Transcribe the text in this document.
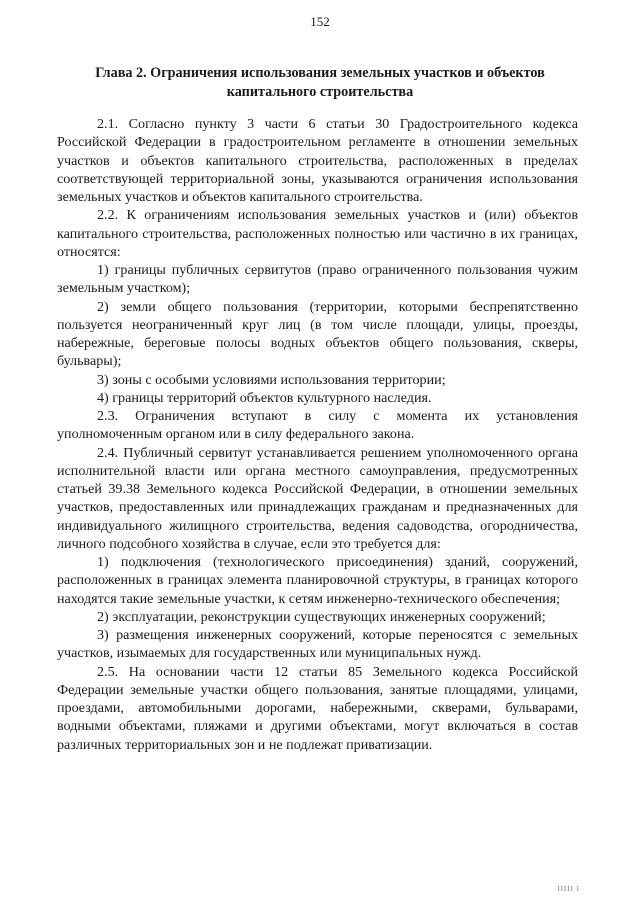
152
Глава 2. Ограничения использования земельных участков и объектов
капитального строительства

2.1. Согласно пункту 3 части 6 статьи 30 Градостроительного кодекса Российской Федерации в градостроительном регламенте в отношении земельных участков и объектов капитального строительства, расположенных в пределах соответствующей территориальной зоны, указываются ограничения использования земельных участков и объектов капитального строительства.

2.2. К ограничениям использования земельных участков и (или) объектов капитального строительства, расположенных полностью или частично в их границах, относятся:

1) границы публичных сервитутов (право ограниченного пользования чужим земельным участком);

2) земли общего пользования (территории, которыми беспрепятственно пользуется неограниченный круг лиц (в том числе площади, улицы, проезды, набережные, береговые полосы водных объектов общего пользования, скверы, бульвары);

3) зоны с особыми условиями использования территории;

4) границы территорий объектов культурного наследия.

2.3. Ограничения вступают в силу с момента их установления уполномоченным органом или в силу федерального закона.

2.4. Публичный сервитут устанавливается решением уполномоченного органа исполнительной власти или органа местного самоуправления, предусмотренных статьей 39.38 Земельного кодекса Российской Федерации, в отношении земельных участков, предоставленных или принадлежащих гражданам и предназначенных для индивидуального жилищного строительства, ведения садоводства, огородничества, личного подсобного хозяйства в случае, если это требуется для:

1) подключения (технологического присоединения) зданий, сооружений, расположенных в границах элемента планировочной структуры, в границах которого находятся такие земельные участки, к сетям инженерно-технического обеспечения;

2) эксплуатации, реконструкции существующих инженерных сооружений;

3) размещения инженерных сооружений, которые переносятся с земельных участков, изымаемых для государственных или муниципальных нужд.

2.5. На основании части 12 статьи 85 Земельного кодекса Российской Федерации земельные участки общего пользования, занятые площадями, улицами, проездами, автомобильными дорогами, набережными, скверами, бульварами, водными объектами, пляжами и другими объектами, могут включаться в состав различных территориальных зон и не подлежат приватизации.

IIIII I
